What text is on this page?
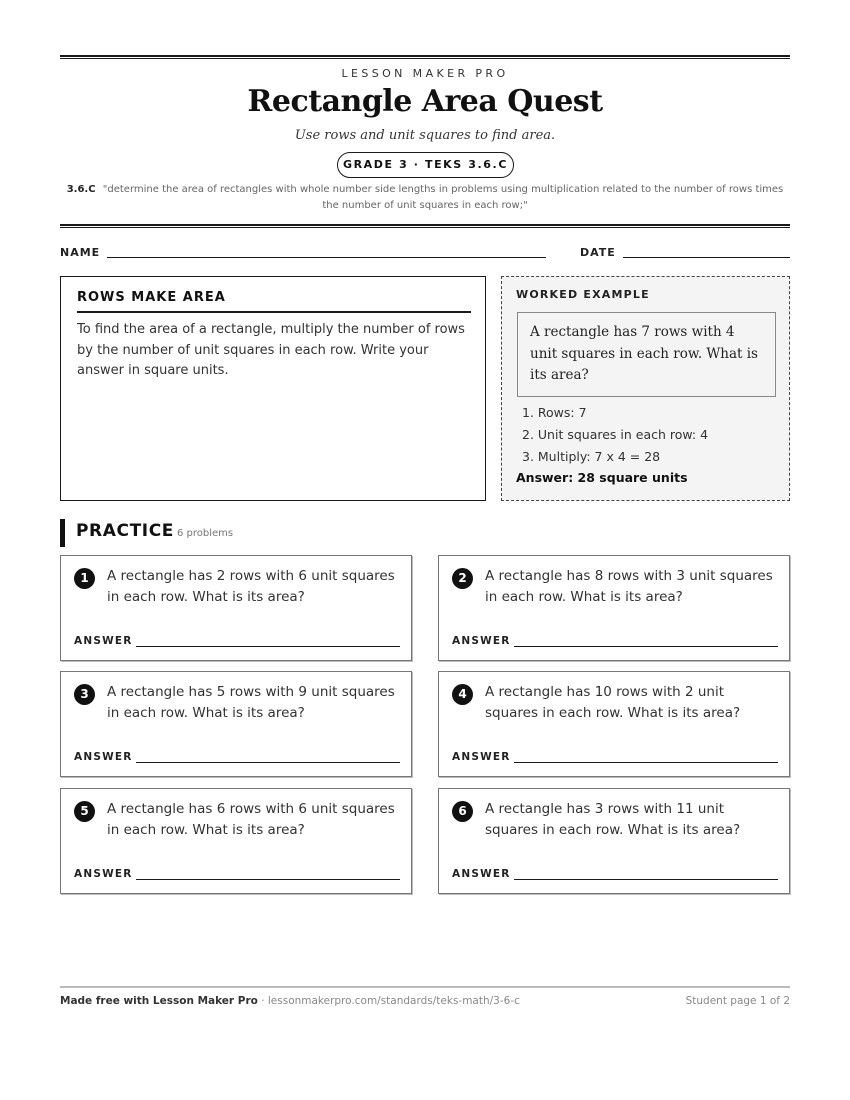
LESSON MAKER PRO
Rectangle Area Quest
Use rows and unit squares to find area.
GRADE 3 · TEKS 3.6.C
3.6.C "determine the area of rectangles with whole number side lengths in problems using multiplication related to the number of rows times the number of unit squares in each row;"
NAME	DATE
ROWS MAKE AREA
To find the area of a rectangle, multiply the number of rows by the number of unit squares in each row. Write your answer in square units.
WORKED EXAMPLE
A rectangle has 7 rows with 4 unit squares in each row. What is its area?
1. Rows: 7
2. Unit squares in each row: 4
3. Multiply: 7 x 4 = 28
Answer: 28 square units
PRACTICE 6 problems
1	A rectangle has 2 rows with 6 unit squares in each row. What is its area?
ANSWER
2	A rectangle has 8 rows with 3 unit squares in each row. What is its area?
ANSWER
3	A rectangle has 5 rows with 9 unit squares in each row. What is its area?
ANSWER
4	A rectangle has 10 rows with 2 unit squares in each row. What is its area?
ANSWER
5	A rectangle has 6 rows with 6 unit squares in each row. What is its area?
ANSWER
6	A rectangle has 3 rows with 11 unit squares in each row. What is its area?
ANSWER
Made free with Lesson Maker Pro · lessonmakerpro.com/standards/teks-math/3-6-c	Student page 1 of 2
